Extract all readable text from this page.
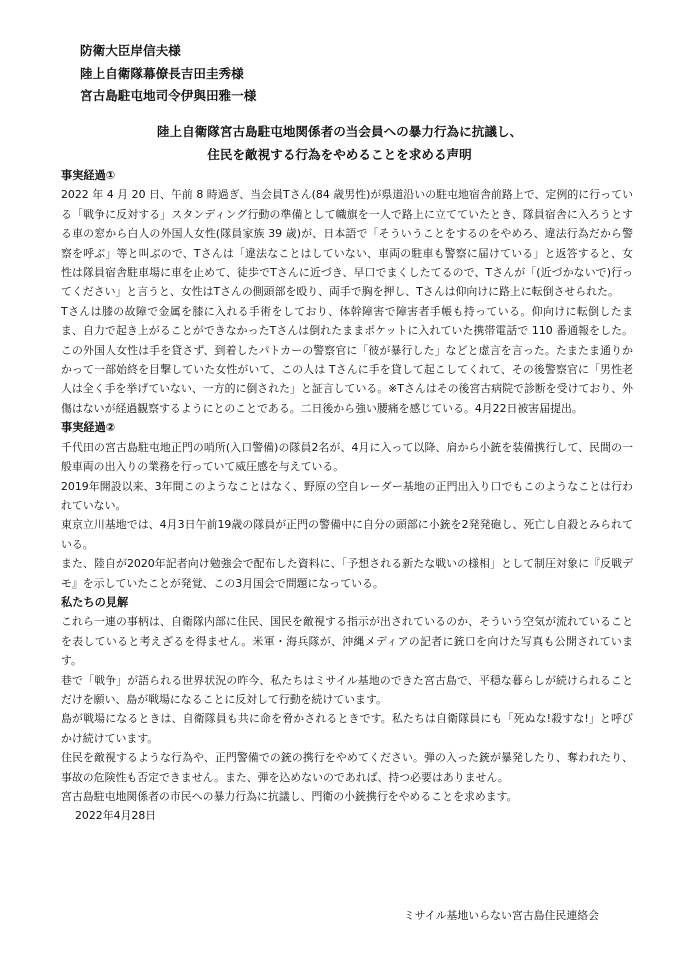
防衛大臣岸信夫様
陸上自衛隊幕僚長吉田圭秀様
宮古島駐屯地司令伊與田雅一様
陸上自衛隊宮古島駐屯地関係者の当会員への暴力行為に抗議し、
住民を敵視する行為をやめることを求める声明

事実経過①

2022 年 4 月 20 日、午前 8 時過ぎ、当会員Tさん(84 歳男性)が県道沿いの駐屯地宿舎前路上で、定例的に行っている「戦争に反対する」スタンディング行動の準備として幟旗を一人で路上に立てていたとき、隊員宿舎に入ろうとする車の窓から白人の外国人女性(隊員家族 39 歳)が、日本語で「そういうことをするのをやめろ、違法行為だから警察を呼ぶ」等と叫ぶので、Tさんは「違法なことはしていない、車両の駐車も警察に届けている」と返答すると、女性は隊員宿舎駐車場に車を止めて、徒歩でTさんに近づき、早口でまくしたてるので、Tさんが「(近づかないで)行ってください」と言うと、女性はTさんの側頭部を殴り、両手で胸を押し、Tさんは仰向けに路上に転倒させられた。

Tさんは膝の故障で金属を膝に入れる手術をしており、体幹障害で障害者手帳も持っている。仰向けに転倒したまま、自力で起き上がることができなかったTさんは倒れたままポケットに入れていた携帯電話で 110 番通報をした。この外国人女性は手を貸さず、到着したパトカーの警察官に「彼が暴行した」などと虚言を言った。たまたま通りかかって一部始終を目撃していた女性がいて、この人は Tさんに手を貸して起こしてくれて、その後警察官に「男性老人は全く手を挙げていない、一方的に倒された」と証言している。※Tさんはその後宮古病院で診断を受けており、外傷はないが経過観察するようにとのことである。二日後から強い腰痛を感じている。4月22日被害届提出。

事実経過②

千代田の宮古島駐屯地正門の哨所(入口警備)の隊員2名が、4月に入って以降、肩から小銃を装備携行して、民間の一般車両の出入りの業務を行っていて威圧感を与えている。

2019年開設以来、3年間このようなことはなく、野原の空自レーダー基地の正門出入り口でもこのようなことは行われていない。

東京立川基地では、4月3日午前19歳の隊員が正門の警備中に自分の頭部に小銃を2発発砲し、死亡し自殺とみられている。

また、陸自が2020年記者向け勉強会で配布した資料に、「予想される新たな戦いの様相」として制圧対象に『反戦デモ』を示していたことが発覚、この3月国会で問題になっている。

私たちの見解

これら一連の事柄は、自衛隊内部に住民、国民を敵視する指示が出されているのか、そういう空気が流れていることを表していると考えざるを得ません。米軍・海兵隊が、沖縄メディアの記者に銃口を向けた写真も公開されています。

巷で「戦争」が語られる世界状況の昨今、私たちはミサイル基地のできた宮古島で、平穏な暮らしが続けられることだけを願い、島が戦場になることに反対して行動を続けています。

島が戦場になるときは、自衛隊員も共に命を脅かされるときです。私たちは自衛隊員にも「死ぬな!殺すな!」と呼びかけ続けています。

住民を敵視するような行為や、正門警備での銃の携行をやめてください。弾の入った銃が暴発したり、奪われたり、事故の危険性も否定できません。また、弾を込めないのであれば、持つ必要はありません。

宮古島駐屯地関係者の市民への暴力行為に抗議し、門衛の小銃携行をやめることを求めます。

2022年4月28日

ミサイル基地いらない宮古島住民連絡会
